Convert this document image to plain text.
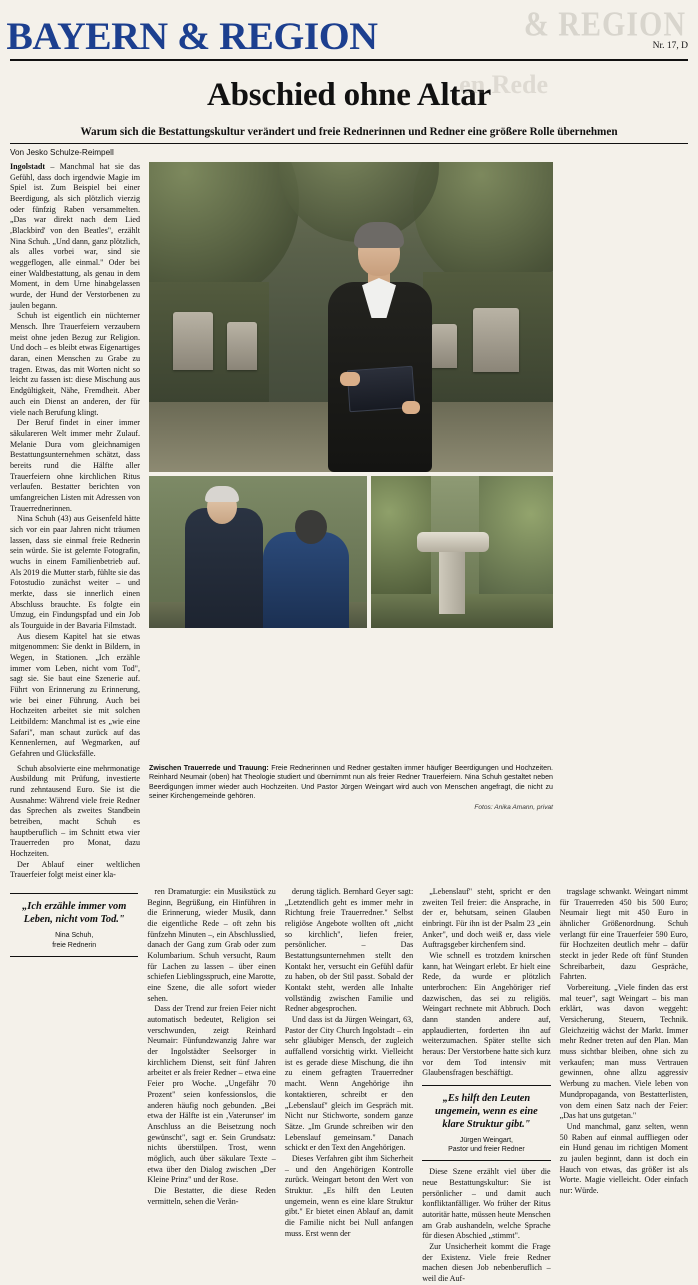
& REGION
en Rede
BAYERN & REGION	Nr. 17, D
Abschied ohne Altar
Warum sich die Bestattungskultur verändert und freie Rednerinnen und Redner eine größere Rolle übernehmen
Von Jesko Schulze-Reimpell

Ingolstadt – Manchmal hat sie das Gefühl, dass doch irgendwie Magie im Spiel ist. Zum Beispiel bei einer Beerdigung, als sich plötzlich vierzig oder fünfzig Raben versammelten. „Das war direkt nach dem Lied ,Blackbird' von den Beatles", erzählt Nina Schuh. „Und dann, ganz plötzlich, als alles vorbei war, sind sie weggeflogen, alle einmal." Oder bei einer Waldbestattung, als genau in dem Moment, in dem Urne hinabgelassen wurde, der Hund der Verstorbenen zu jaulen begann.

Schuh ist eigentlich ein nüchterner Mensch. Ihre Trauerfeiern verzaubern meist ohne jeden Bezug zur Religion. Und doch – es bleibt etwas Eigenartiges daran, einen Menschen zu Grabe zu tragen. Etwas, das mit Worten nicht so leicht zu fassen ist: diese Mischung aus Endgültigkeit, Nähe, Fremdheit. Aber auch ein Dienst an anderen, der für viele nach Berufung klingt.

Der Beruf findet in einer immer säkulareren Welt immer mehr Zulauf. Melanie Dura vom gleichnamigen Bestattungsunternehmen schätzt, dass bereits rund die Hälfte aller Trauerfeiern ohne kirchlichen Ritus verlaufen. Bestatter berichten von umfangreichen Listen mit Adressen von Trauerrednerinnen.

Nina Schuh (43) aus Geisenfeld hätte sich vor ein paar Jahren nicht träumen lassen, dass sie einmal freie Rednerin sein würde. Sie ist gelernte Fotografin, wuchs in einem Familienbetrieb auf. Als 2019 die Mutter starb, fühlte sie das Fotostudio zunächst weiter – und merkte, dass sie innerlich einen Abschluss brauchte. Es folgte ein Umzug, ein Findungspfad und ein Job als Tourguide in der Bavaria Filmstadt.

Aus diesem Kapitel hat sie etwas mitgenommen: Sie denkt in Bildern, in Wegen, in Stationen. „Ich erzähle immer vom Leben, nicht vom Tod", sagt sie. Sie baut eine Szenerie auf. Führt von Erinnerung zu Erinnerung, wie bei einer Führung. Auch bei Hochzeiten arbeitet sie mit solchen Leitbildern: Manchmal ist es „wie eine Safari", man schaut zurück auf das Kennenlernen, auf Wegmarken, auf Gefahren und Glücksfälle.

Schuh absolvierte eine mehrmonatige Ausbildung mit Prüfung, investierte rund zehntausend Euro. Sie ist die Ausnahme: Während viele freie Redner das Sprechen als zweites Standbein betreiben, macht Schuh es hauptberuflich – im Schnitt etwa vier Trauerreden pro Monat, dazu Hochzeiten.

Der Ablauf einer weltlichen Trauerfeier folgt meist einer kla-

Zwischen Trauerrede und Trauung: Freie Rednerinnen und Redner gestalten immer häufiger Beerdigungen und Hochzeiten. Reinhard Neumair (oben) hat Theologie studiert und übernimmt nun als freier Redner Trauerfeiern. Nina Schuh gestaltet neben Beerdigungen immer wieder auch Hochzeiten. Und Pastor Jürgen Weingart wird auch von Menschen angefragt, die nicht zu seiner Kirchengemeinde gehören.
Fotos: Anika Amann, privat
„Ich erzähle immer vom Leben, nicht vom Tod."
Nina Schuh,
freie Rednerin

ren Dramaturgie: ein Musikstück zu Beginn, Begrüßung, ein Hinführen in die Erinnerung, wieder Musik, dann die eigentliche Rede – oft zehn bis fünfzehn Minuten –, ein Abschlusslied, danach der Gang zum Grab oder zum Kolumbarium. Schuh versucht, Raum für Lachen zu lassen – über einen schiefen Lieblingsspruch, eine Marotte, eine Szene, die alle sofort wieder sehen.

Dass der Trend zur freien Feier nicht automatisch bedeutet, Religion sei verschwunden, zeigt Reinhard Neumair: Fünfundzwanzig Jahre war der Ingolstädter Seelsorger in kirchlichem Dienst, seit fünf Jahren arbeitet er als freier Redner – etwa eine Feier pro Woche. „Ungefähr 70 Prozent" seien konfessionslos, die anderen häufig noch gebunden. „Bei etwa der Hälfte ist ein ,Vaterunser' im Anschluss an die Beisetzung noch gewünscht", sagt er. Sein Grundsatz: nichts überstülpen. Trost, wenn möglich, auch über säkulare Texte – etwa über den Dialog zwischen „Der Kleine Prinz" und der Rose.

Die Bestatter, die diese Reden vermitteln, sehen die Verän-

derung täglich. Bernhard Geyer sagt: „Letztendlich geht es immer mehr in Richtung freie Trauerredner." Selbst religiöse Angebote wollten oft „nicht so kirchlich", liefen freier, persönlicher. – Das Bestattungsunternehmen stellt den Kontakt her, versucht ein Gefühl dafür zu haben, ob der Stil passt. Sobald der Kontakt steht, werden alle Inhalte vollständig zwischen Familie und Redner abgesprochen.

Und dass ist da Jürgen Weingart, 63, Pastor der City Church Ingolstadt – ein sehr gläubiger Mensch, der zugleich auffallend vorsichtig wirkt. Vielleicht ist es gerade diese Mischung, die ihn zu einem gefragten Trauerredner macht. Wenn Angehörige ihn kontaktieren, schreibt er den „Lebenslauf" gleich im Gespräch mit. Nicht nur Stichworte, sondern ganze Sätze. „Im Grunde schreiben wir den Lebenslauf gemeinsam." Danach schickt er den Text den Angehörigen.

Dieses Verfahren gibt ihm Sicherheit – und den Angehörigen Kontrolle zurück. Weingart betont den Wert von Struktur. „Es hilft den Leuten ungemein, wenn es eine klare Struktur gibt." Er bietet einen Ablauf an, damit die Familie nicht bei Null anfangen muss. Erst wenn der

„Lebenslauf" steht, spricht er den zweiten Teil freier: die Ansprache, in der er, behutsam, seinen Glauben einbringt. Für ihn ist der Psalm 23 „ein Anker", und doch weiß er, dass viele Auftragsgeber kirchenfern sind.

Wie schnell es trotzdem knirschen kann, hat Weingart erlebt. Er hielt eine Rede, da wurde er plötzlich unterbrochen: Ein Angehöriger rief dazwischen, das sei zu religiös. Weingart rechnete mit Abbruch. Doch dann standen andere auf, applaudierten, forderten ihn auf weiterzumachen. Später stellte sich heraus: Der Verstorbene hatte sich kurz vor dem Tod intensiv mit Glaubensfragen beschäftigt.

„Es hilft den Leuten ungemein, wenn es eine klare Struktur gibt."
Jürgen Weingart,
Pastor und freier Redner

Diese Szene erzählt viel über die neue Bestattungskultur: Sie ist persönlicher – und damit auch konfliktanfälliger. Wo früher der Ritus autoritär hatte, müssen heute Menschen am Grab aushandeln, welche Sprache für diesen Abschied „stimmt".

Zur Unsicherheit kommt die Frage der Existenz. Viele freie Redner machen diesen Job nebenberuflich – weil die Auf-

tragslage schwankt. Weingart nimmt für Trauerreden 450 bis 500 Euro; Neumair liegt mit 450 Euro in ähnlicher Größenordnung. Schuh verlangt für eine Trauerfeier 590 Euro, für Hochzeiten deutlich mehr – dafür steckt in jeder Rede oft fünf Stunden Schreibarbeit, dazu Gespräche, Fahrten.

Vorbereitung. „Viele finden das erst mal teuer", sagt Weingart – bis man erklärt, was davon weggeht: Versicherung, Steuern, Technik. Gleichzeitig wächst der Markt. Immer mehr Redner treten auf den Plan. Man muss sichtbar bleiben, ohne sich zu verkaufen; man muss Vertrauen gewinnen, ohne allzu aggressiv Werbung zu machen. Viele leben von Mundpropaganda, von Bestatterlisten, von dem einen Satz nach der Feier: „Das hat uns gutgetan."

Und manchmal, ganz selten, wenn 50 Raben auf einmal auffliegen oder ein Hund genau im richtigen Moment zu jaulen beginnt, dann ist doch ein Hauch von etwas, das größer ist als Worte. Magie vielleicht. Oder einfach nur: Würde.
